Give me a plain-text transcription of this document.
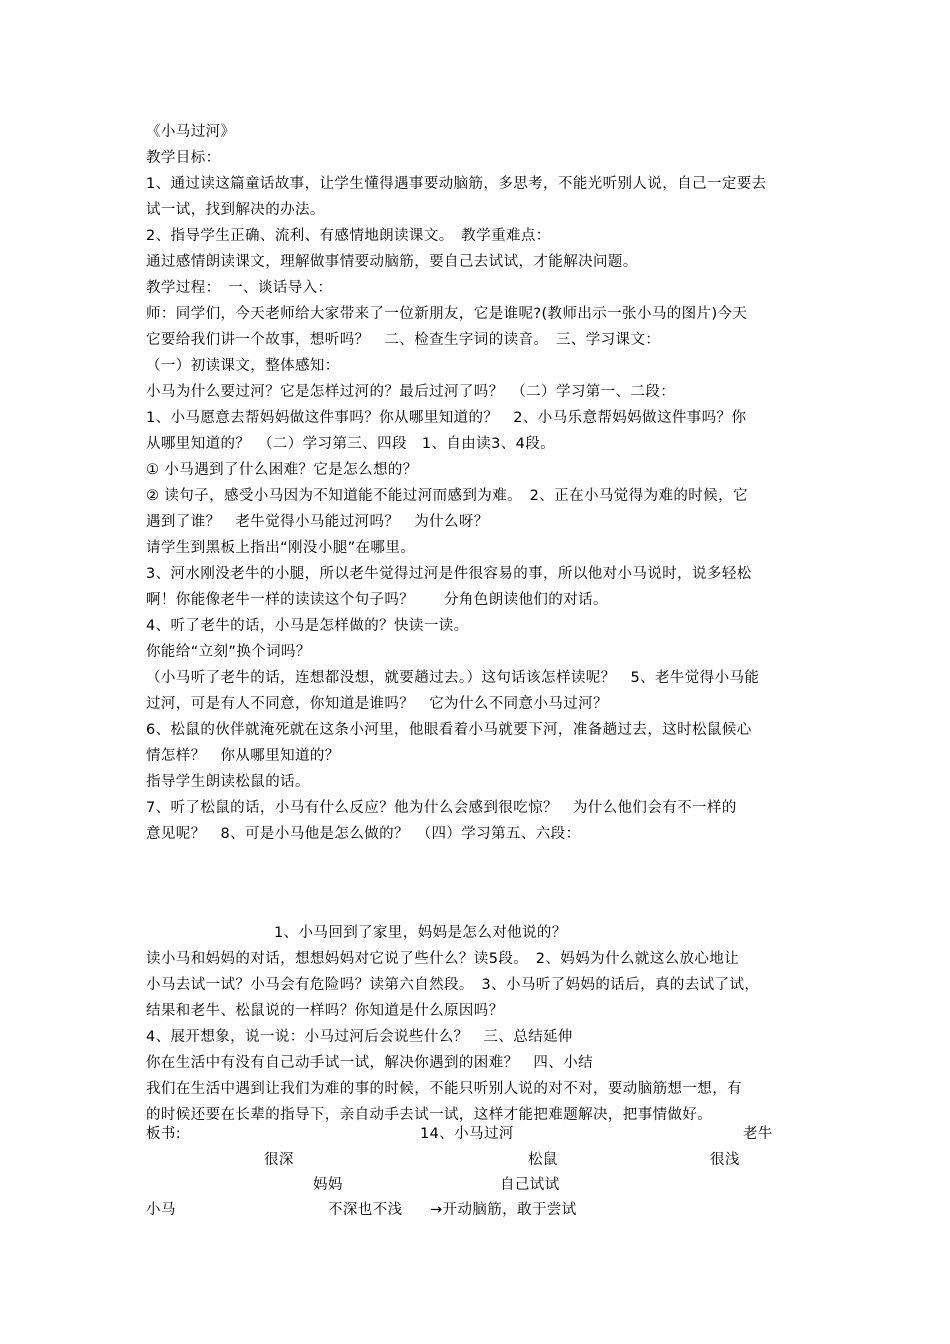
《小马过河》
教学目标：
1、通过读这篇童话故事，让学生懂得遇事要动脑筋，多思考，不能光听别人说，自己一定要去
试一试，找到解决的办法。
2、指导学生正确、流利、有感情地朗读课文。　教学重难点：
通过感情朗读课文，理解做事情要动脑筋，要自己去试试，才能解决问题。
教学过程：　一、谈话导入：
师：同学们，今天老师给大家带来了一位新朋友，它是谁呢?(教师出示一张小马的图片)今天
它要给我们讲一个故事，想听吗？　二、检查生字词的读音。　三、学习课文：
（一）初读课文，整体感知：
小马为什么要过河？它是怎样过河的？最后过河了吗？　（二）学习第一、二段：
1、小马愿意去帮妈妈做这件事吗？你从哪里知道的？　2、小马乐意帮妈妈做这件事吗？你
从哪里知道的？　（二）学习第三、四段　1、自由读3、4段。
① 小马遇到了什么困难？它是怎么想的？
② 读句子，感受小马因为不知道能不能过河而感到为难。　2、正在小马觉得为难的时候，它
遇到了谁？　老牛觉得小马能过河吗？　为什么呀？
请学生到黑板上指出“刚没小腿”在哪里。
3、河水刚没老牛的小腿，所以老牛觉得过河是件很容易的事，所以他对小马说时，说多轻松
啊！你能像老牛一样的读读这个句子吗？　　分角色朗读他们的对话。
4、听了老牛的话，小马是怎样做的？快读一读。
你能给“立刻”换个词吗？
（小马听了老牛的话，连想都没想，就要趟过去。）这句话该怎样读呢？　5、老牛觉得小马能
过河，可是有人不同意，你知道是谁吗？　它为什么不同意小马过河？
6、松鼠的伙伴就淹死就在这条小河里，他眼看着小马就要下河，准备趟过去，这时松鼠候心
情怎样？　你从哪里知道的？
指导学生朗读松鼠的话。
7、听了松鼠的话，小马有什么反应？他为什么会感到很吃惊？　为什么他们会有不一样的
意见呢？　8、可是小马他是怎么做的？　（四）学习第五、六段：
1、小马回到了家里，妈妈是怎么对他说的？
读小马和妈妈的对话，想想妈妈对它说了些什么？读5段。　2、妈妈为什么就这么放心地让
小马去试一试？小马会有危险吗？读第六自然段。　3、小马听了妈妈的话后，真的去试了试，
结果和老牛、松鼠说的一样吗？你知道是什么原因吗？
4、展开想象，说一说：小马过河后会说些什么？　三、总结延伸
你在生活中有没有自己动手试一试，解决你遇到的困难？　四、小结
我们在生活中遇到让我们为难的事的时候，不能只听别人说的对不对，要动脑筋想一想，有
的时候还要在长辈的指导下，亲自动手去试一试，这样才能把难题解决，把事情做好。
板书:	14、小马过河	老牛
很深	松鼠	很浅
妈妈	自己试试
小马	不深也不浅 →开动脑筋，敢于尝试
